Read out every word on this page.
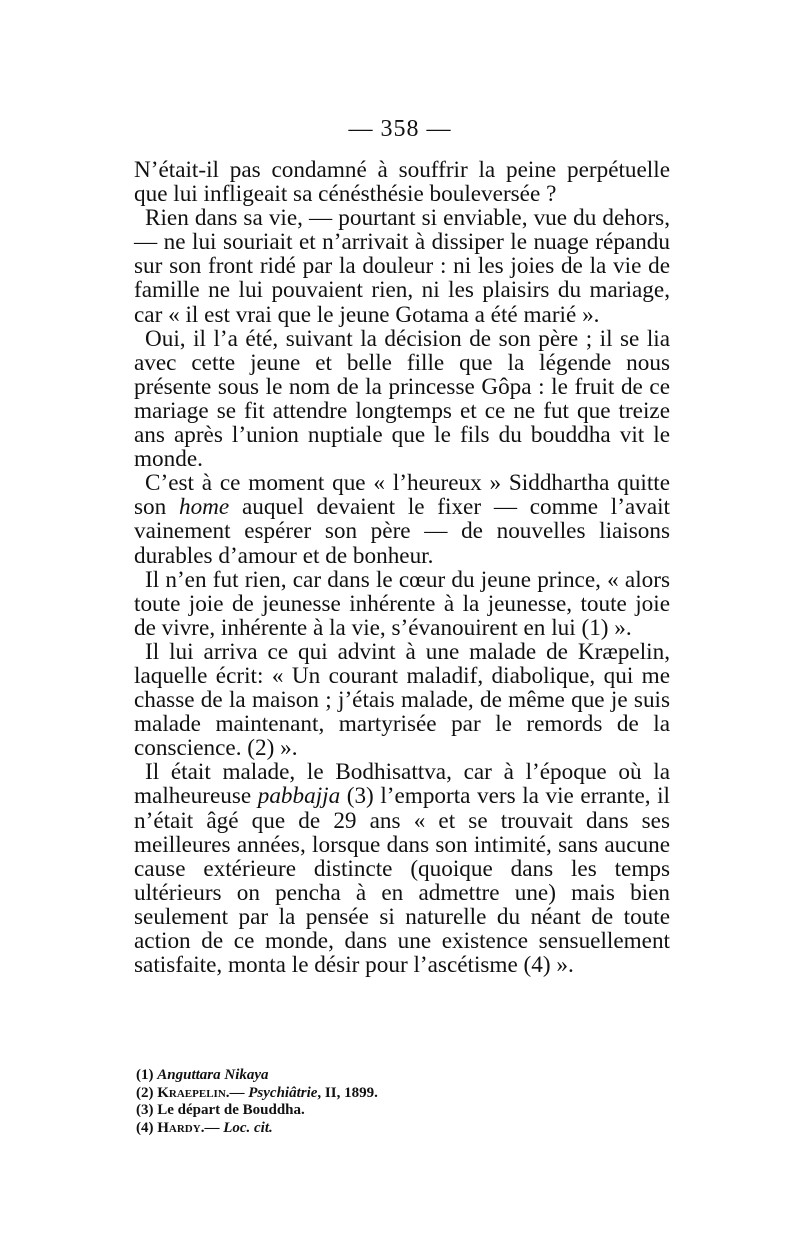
— 358 —

N’était-il pas condamné à souffrir la peine perpétuelle que lui infligeait sa cénésthésie bouleversée ?

Rien dans sa vie, — pourtant si enviable, vue du dehors, — ne lui souriait et n’arrivait à dissiper le nuage répandu sur son front ridé par la douleur : ni les joies de la vie de famille ne lui pouvaient rien, ni les plaisirs du mariage, car « il est vrai que le jeune Gotama a été marié ».

Oui, il l’a été, suivant la décision de son père ; il se lia avec cette jeune et belle fille que la légende nous présente sous le nom de la princesse Gôpa : le fruit de ce mariage se fit attendre longtemps et ce ne fut que treize ans après l’union nuptiale que le fils du bouddha vit le monde.

C’est à ce moment que « l’heureux » Siddhartha quitte son home auquel devaient le fixer — comme l’avait vainement espérer son père — de nouvelles liaisons durables d’amour et de bonheur.

Il n’en fut rien, car dans le cœur du jeune prince, « alors toute joie de jeunesse inhérente à la jeunesse, toute joie de vivre, inhérente à la vie, s’évanouirent en lui (1) ».

Il lui arriva ce qui advint à une malade de Kræpelin, laquelle écrit: « Un courant maladif, diabolique, qui me chasse de la maison ; j’étais malade, de même que je suis malade maintenant, martyrisée par le remords de la conscience. (2) ».

Il était malade, le Bodhisattva, car à l’époque où la malheureuse pabbajja (3) l’emporta vers la vie errante, il n’était âgé que de 29 ans « et se trouvait dans ses meilleures années, lorsque dans son intimité, sans aucune cause extérieure distincte (quoique dans les temps ultérieurs on pencha à en admettre une) mais bien seulement par la pensée si naturelle du néant de toute action de ce monde, dans une existence sensuellement satisfaite, monta le désir pour l’ascétisme (4) ».

(1) Anguttara Nikaya
(2) Kraepelin.— Psychiâtrie, II, 1899.
(3) Le départ de Bouddha.
(4) Hardy.— Loc. cit.
